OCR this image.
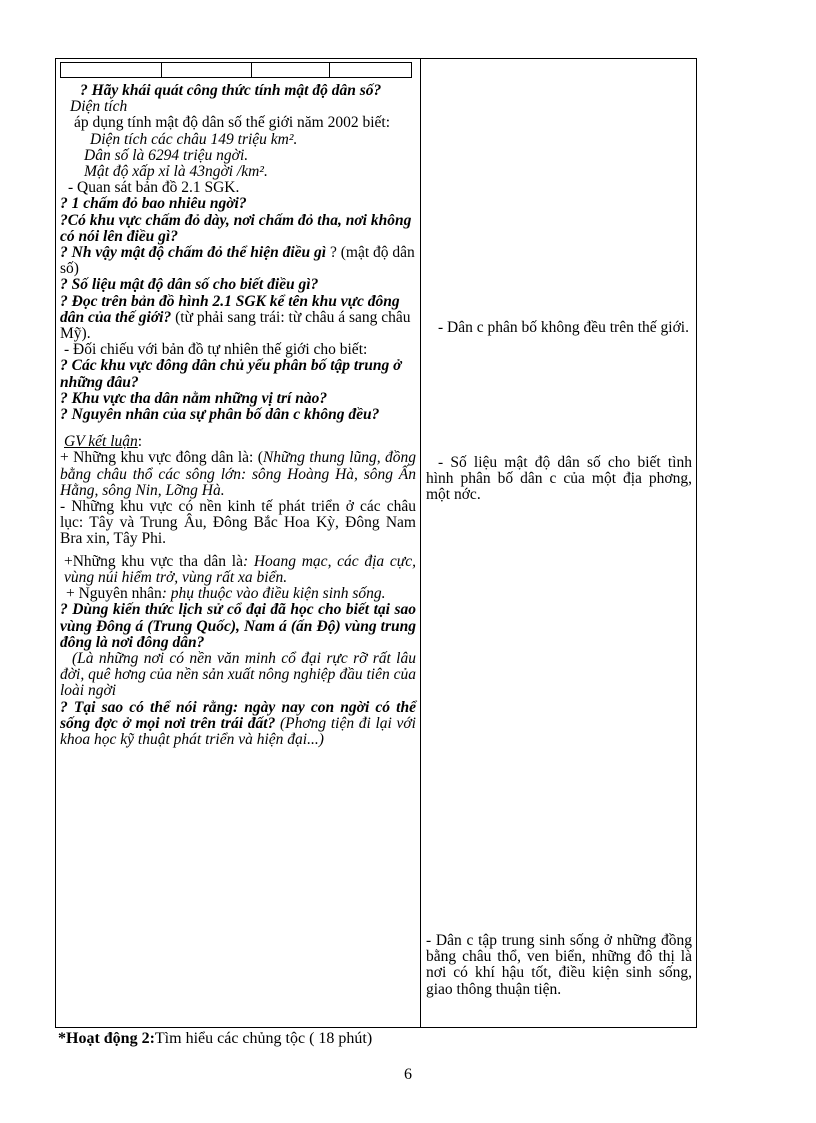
? Hãy khái quát công thức tính mật độ dân số?

Diện tích

áp dụng tính mật độ dân số thế giới năm 2002 biết:

Diện tích các châu 149 triệu km².

Dân số là 6294 triệu ngời.

Mật độ xấp xỉ là 43ngời /km².

- Quan sát bản đồ 2.1 SGK.

? 1 chấm đỏ bao nhiêu ngời?

?Có khu vực chấm đỏ dày, nơi chấm đỏ tha, nơi không có nói lên điều gì?

? Nh vậy mật độ chấm đỏ thể hiện điều gì ? (mật độ dân số)

? Số liệu mật độ dân số cho biết điều gì?

? Đọc trên bản đồ hình 2.1 SGK kể tên khu vực đông dân của thế giới? (từ phải sang trái: từ châu á sang châu Mỹ).

- Đối chiếu với bản đồ tự nhiên thế giới cho biết:

? Các khu vực đông dân chủ yếu phân bố tập trung ở những đâu?

? Khu vực tha dân nằm những vị trí nào?

? Nguyên nhân của sự phân bố dân c không đều?

GV kết luận:

+ Những khu vực đông dân là: (Những thung lũng, đồng bằng châu thổ các sông lớn: sông Hoàng Hà, sông Ấn Hằng, sông Nin, Lỡng Hà.

- Những khu vực có nền kinh tế phát triển ở các châu lục: Tây và Trung Âu, Đông Bắc Hoa Kỳ, Đông Nam Bra xin, Tây Phi.

+Những khu vực tha dân là: Hoang mạc, các địa cực, vùng núi hiểm trở, vùng rất xa biển.

+ Nguyên nhân: phụ thuộc vào điều kiện sinh sống.

? Dùng kiến thức lịch sử cổ đại đã học cho biết tại sao vùng Đông á (Trung Quốc), Nam á (ấn Độ) vùng trung đông là nơi đông dân?

(Là những nơi có nền văn minh cổ đại rực rỡ rất lâu đời, quê hơng của nền sản xuất nông nghiệp đầu tiên của loài ngời

? Tại sao có thể nói rằng: ngày nay con ngời có thể sống đợc ở mọi nơi trên trái đất? (Phơng tiện đi lại với khoa học kỹ thuật phát triển và hiện đại...)

- Dân c phân bố không đều trên thế giới.

- Số liệu mật độ dân số cho biết tình hình phân bố dân c của một địa phơng, một nớc.

- Dân c tập trung sinh sống ở những đồng bằng châu thổ, ven biển, những đô thị là nơi có khí hậu tốt, điều kiện sinh sống, giao thông thuận tiện.

*Hoạt động 2:Tìm hiểu các chủng tộc ( 18 phút)
6
